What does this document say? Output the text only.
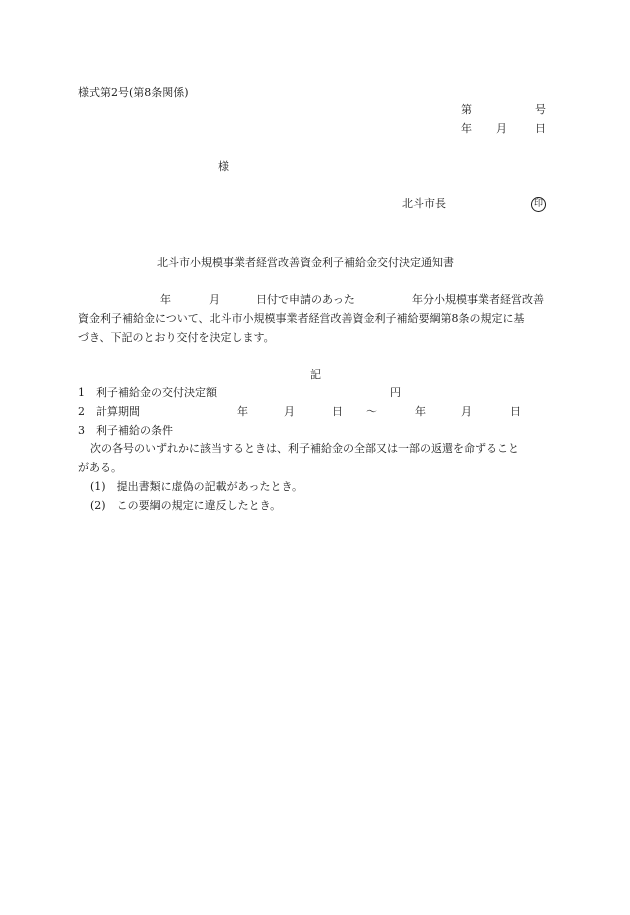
様式第2号(第8条関係)
第	号
年 月	日
様
北斗市長	印
北斗市小規模事業者経営改善資金利子補給金交付決定通知書
年	月	日付で申請のあった	年分小規模事業者経営改善
資金利子補給金について、北斗市小規模事業者経営改善資金利子補給要綱第8条の規定に基
づき、下記のとおり交付を決定します。
記
1　利子補給金の交付決定額	円
2　計算期間	年	月	日 ～	年	月	日
3　利子補給の条件
次の各号のいずれかに該当するときは、利子補給金の全部又は一部の返還を命ずること
がある。
(1)　提出書類に虚偽の記載があったとき。
(2)　この要綱の規定に違反したとき。
